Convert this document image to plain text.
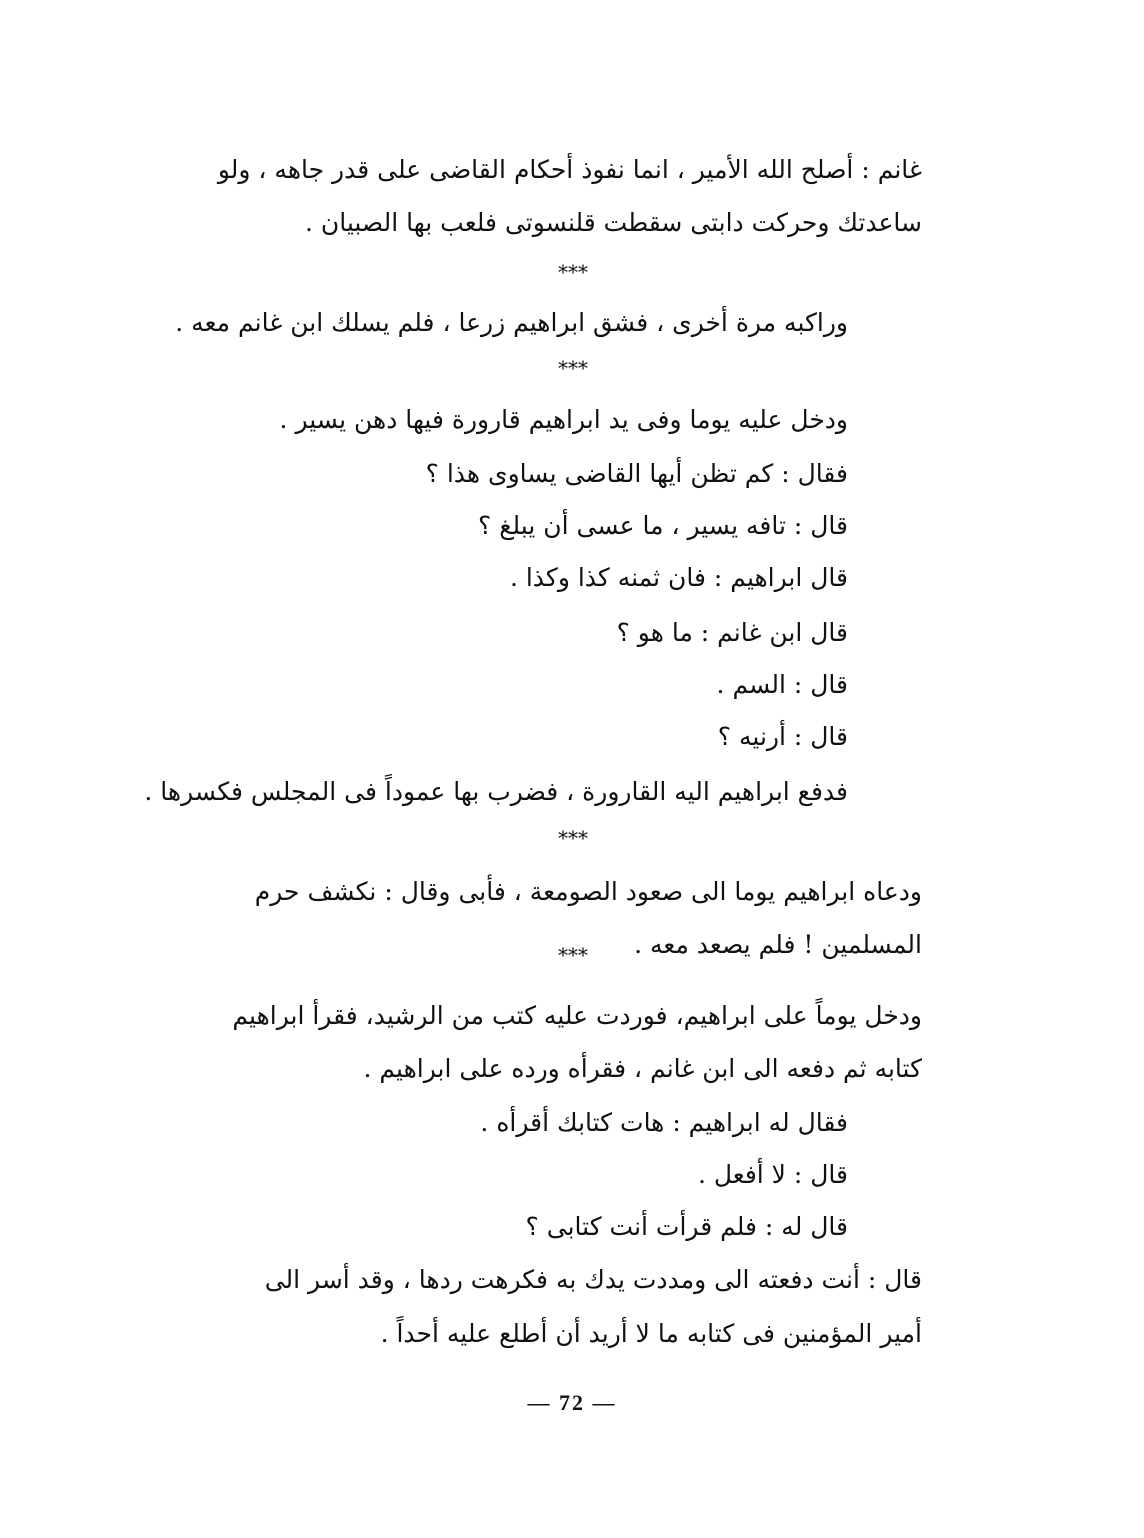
غانم : أصلح الله الأمير ، انما نفوذ أحكام القاضى على قدر جاهه ، ولو
ساعدتك وحركت دابتى سقطت قلنسوتى فلعب بها الصبيان .
* * *
وراكبه مرة أخرى ، فشق ابراهيم زرعا ، فلم يسلك ابن غانم معه .
* * *
ودخل عليه يوما وفى يد ابراهيم قارورة فيها دهن يسير .
فقال : كم تظن أيها القاضى يساوى هذا ؟
قال : تافه يسير ، ما عسى أن يبلغ ؟
قال ابراهيم : فان ثمنه كذا وكذا .
قال ابن غانم : ما هو ؟
قال : السم .
قال : أرنيه ؟
فدفع ابراهيم اليه القارورة ، فضرب بها عموداً فى المجلس فكسرها .
* * *
ودعاه ابراهيم يوما الى صعود الصومعة ، فأبى وقال : نكشف حرم
المسلمين ! فلم يصعد معه .
* * *
ودخل يوماً على ابراهيم، فوردت عليه كتب من الرشيد، فقرأ ابراهيم
كتابه ثم دفعه الى ابن غانم ، فقرأه ورده على ابراهيم .
فقال له ابراهيم : هات كتابك أقرأه .
قال : لا أفعل .
قال له : فلم قرأت أنت كتابى ؟
قال : أنت دفعته الى ومددت يدك به فكرهت ردها ، وقد أسر الى
أمير المؤمنين فى كتابه ما لا أريد أن أطلع عليه أحداً .
— 72 —
